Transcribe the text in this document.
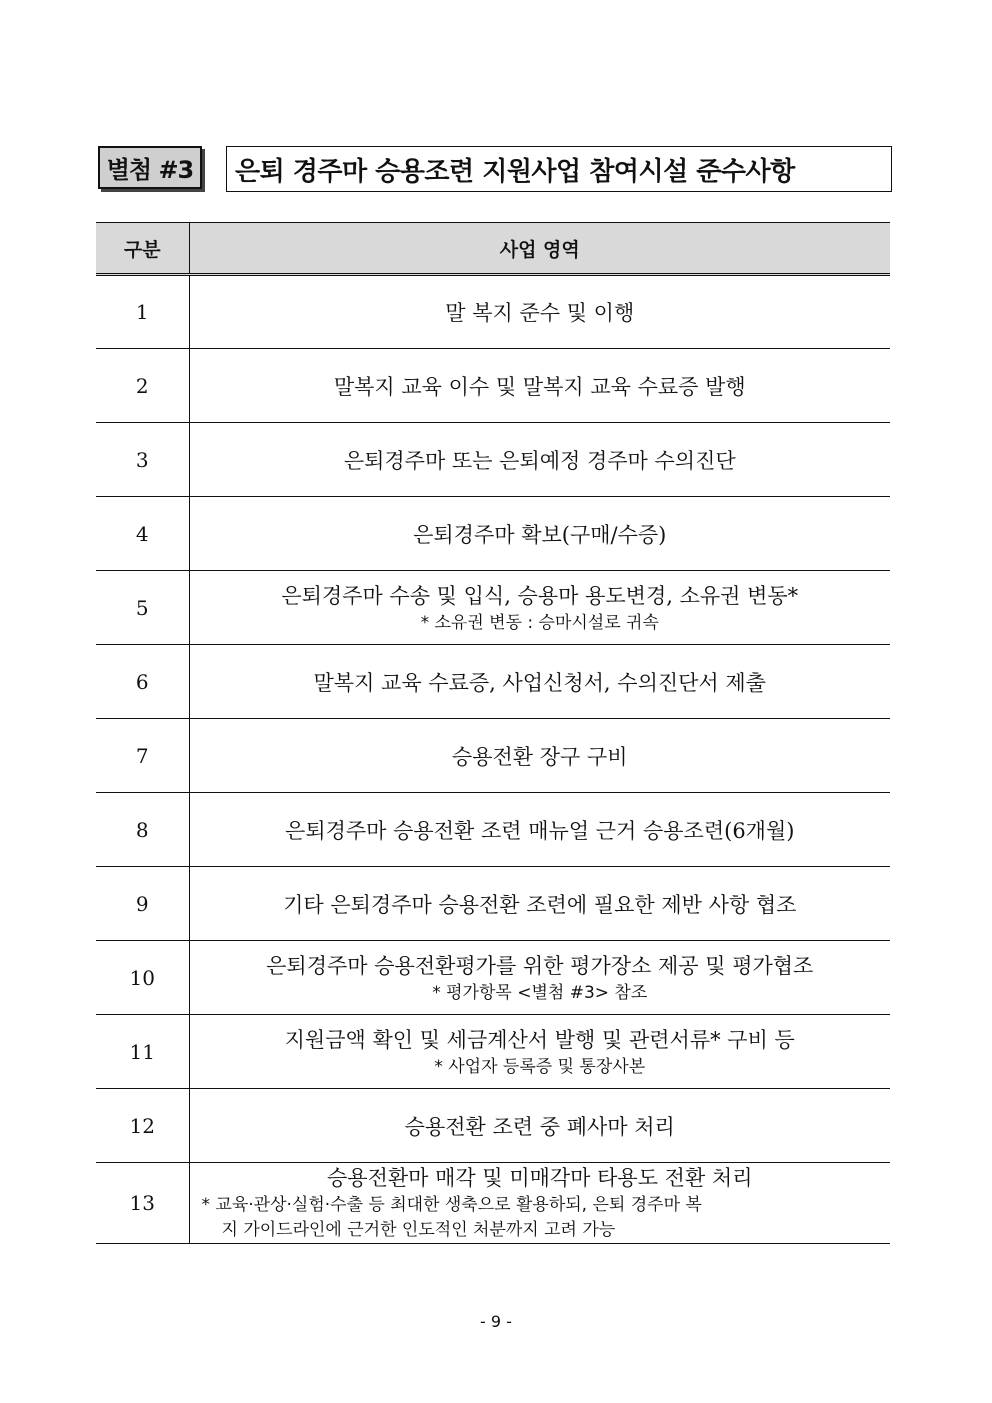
별첨 #3	은퇴 경주마 승용조련 지원사업 참여시설 준수사항
구분	사업 영역
1	말 복지 준수 및 이행
2	말복지 교육 이수 및 말복지 교육 수료증 발행
3	은퇴경주마 또는 은퇴예정 경주마 수의진단
4	은퇴경주마 확보(구매/수증)
5	은퇴경주마 수송 및 입식, 승용마 용도변경, 소유권 변동*
* 소유권 변동 : 승마시설로 귀속

6	말복지 교육 수료증, 사업신청서, 수의진단서 제출
7	승용전환 장구 구비
8	은퇴경주마 승용전환 조련 매뉴얼 근거 승용조련(6개월)
9	기타 은퇴경주마 승용전환 조련에 필요한 제반 사항 협조
10	은퇴경주마 승용전환평가를 위한 평가장소 제공 및 평가협조
* 평가항목 <별첨 #3> 참조

11	지원금액 확인 및 세금계산서 발행 및 관련서류* 구비 등
* 사업자 등록증 및 통장사본

12	승용전환 조련 중 폐사마 처리
13	승용전환마 매각 및 미매각마 타용도 전환 처리
* 교육·관상·실험·수출 등 최대한 생축으로 활용하되, 은퇴 경주마 복
지 가이드라인에 근거한 인도적인 처분까지 고려 가능
- 9 -
